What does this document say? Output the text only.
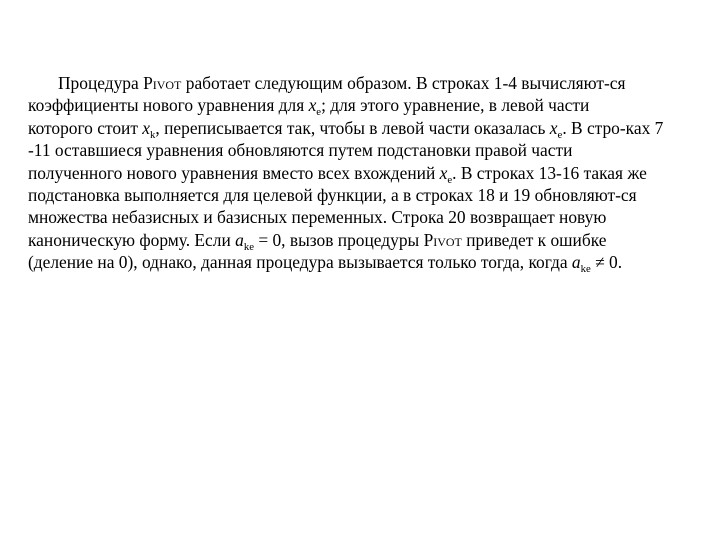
Процедура Pivot работает следующим образом. В строках 1-4 вычисляют-ся
коэффициенты нового уравнения для $x_e$; для этого уравнение, в левой части
которого стоит $x_k$, переписывается так, чтобы в левой части оказалась $x_e$. В стро-ках 7
-11 оставшиеся уравнения обновляются путем подстановки правой части
полученного нового уравнения вместо всех вхождений $x_e$. В строках 13-16 такая же
подстановка выполняется для целевой функции, а в строках 18 и 19 обновляют-ся
множества небазисных и базисных переменных. Строка 20 возвращает новую
каноническую форму. Если $a_{ke} = 0$, вызов процедуры Pivot приведет к ошибке
(деление на 0), однако, данная процедура вызывается только тогда, когда $a_{ke} \ne 0$.
